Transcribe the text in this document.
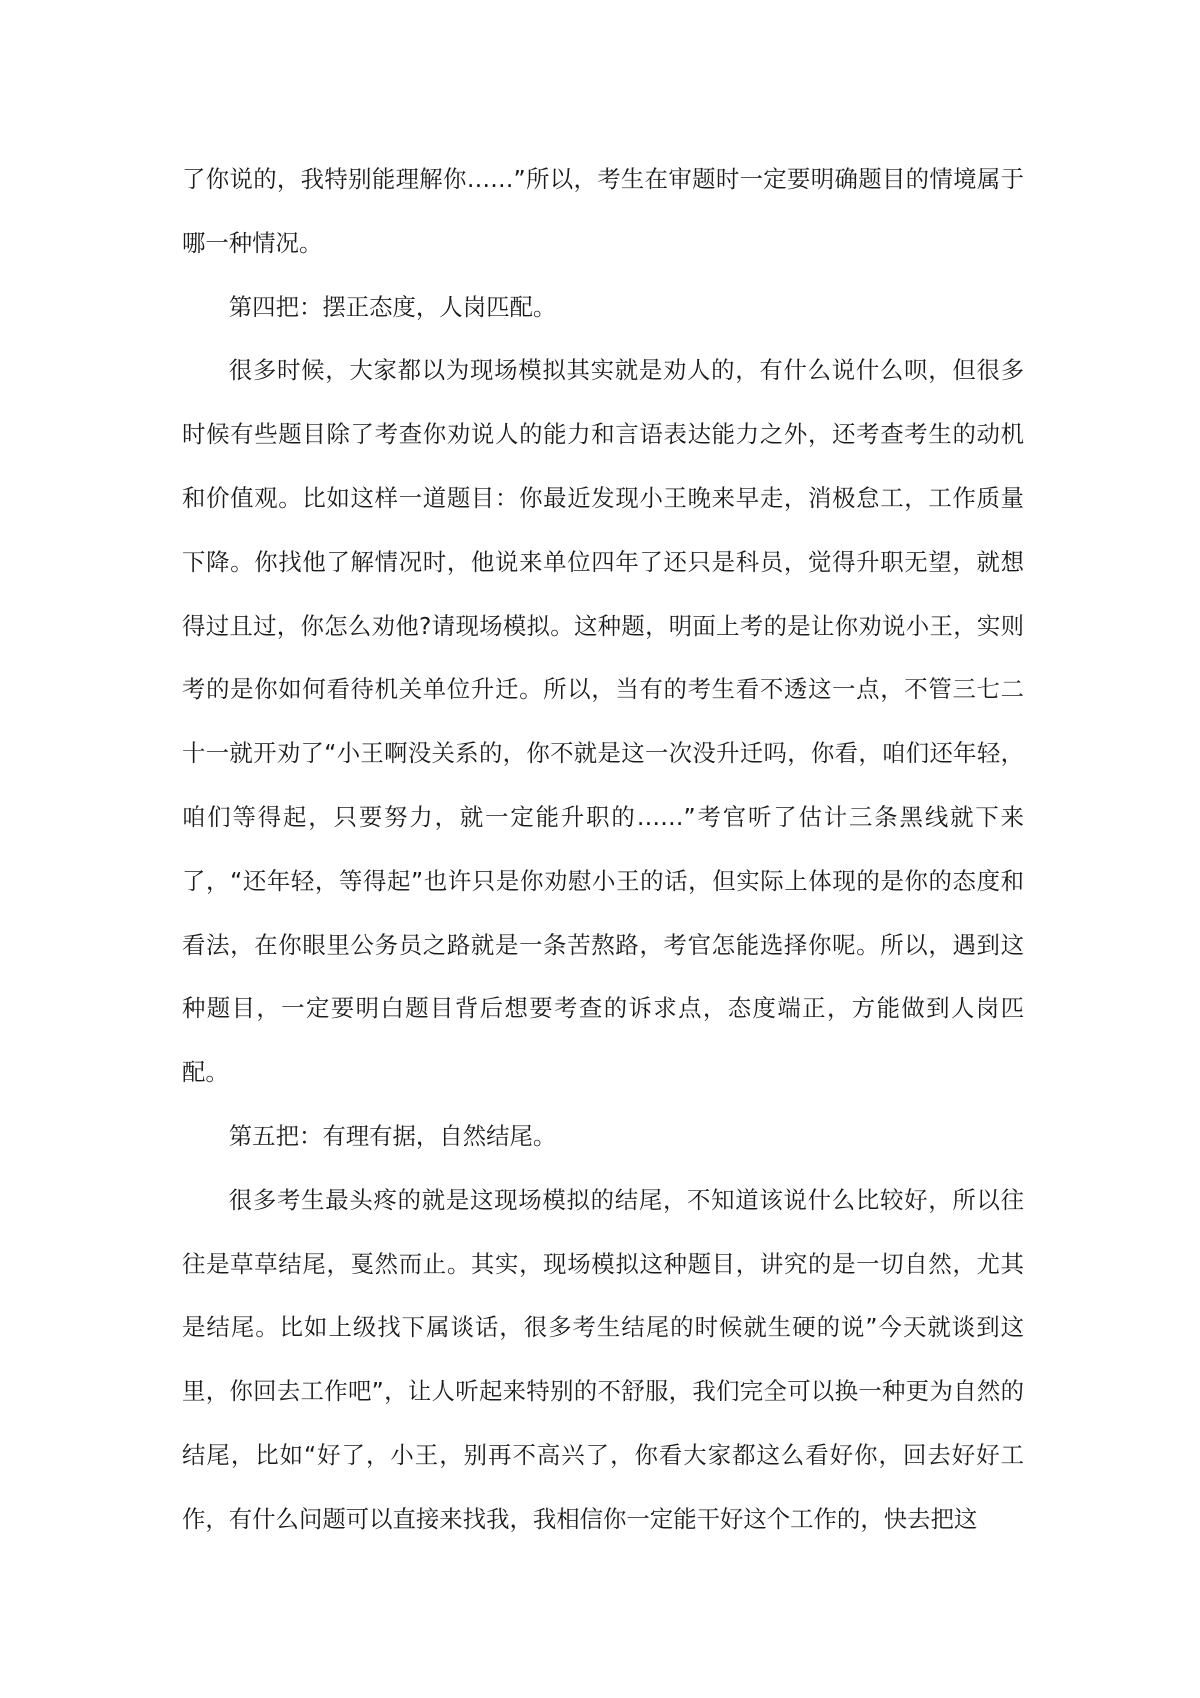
了你说的，我特别能理解你……”所以，考生在审题时一定要明确题目的情境属于哪一种情况。

第四把：摆正态度，人岗匹配。

很多时候，大家都以为现场模拟其实就是劝人的，有什么说什么呗，但很多时候有些题目除了考查你劝说人的能力和言语表达能力之外，还考查考生的动机和价值观。比如这样一道题目：你最近发现小王晚来早走，消极怠工，工作质量下降。你找他了解情况时，他说来单位四年了还只是科员，觉得升职无望，就想得过且过，你怎么劝他?请现场模拟。这种题，明面上考的是让你劝说小王，实则考的是你如何看待机关单位升迁。所以，当有的考生看不透这一点，不管三七二十一就开劝了“小王啊没关系的，你不就是这一次没升迁吗，你看，咱们还年轻，咱们等得起，只要努力，就一定能升职的……”考官听了估计三条黑线就下来了，“还年轻，等得起”也许只是你劝慰小王的话，但实际上体现的是你的态度和看法，在你眼里公务员之路就是一条苦熬路，考官怎能选择你呢。所以，遇到这种题目，一定要明白题目背后想要考查的诉求点，态度端正，方能做到人岗匹配。

第五把：有理有据，自然结尾。

很多考生最头疼的就是这现场模拟的结尾，不知道该说什么比较好，所以往往是草草结尾，戛然而止。其实，现场模拟这种题目，讲究的是一切自然，尤其是结尾。比如上级找下属谈话，很多考生结尾的时候就生硬的说”今天就谈到这里，你回去工作吧”，让人听起来特别的不舒服，我们完全可以换一种更为自然的结尾，比如“好了，小王，别再不高兴了，你看大家都这么看好你，回去好好工作，有什么问题可以直接来找我，我相信你一定能干好这个工作的，快去把这
